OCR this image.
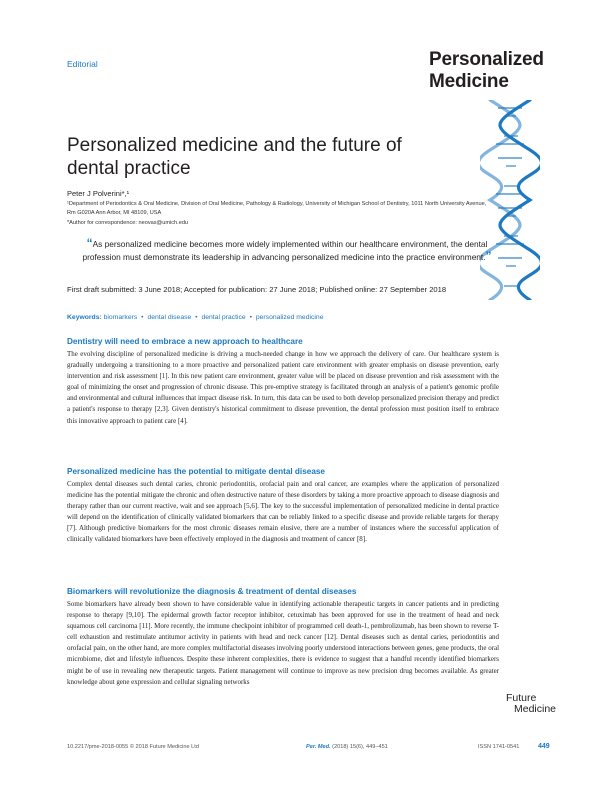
Editorial	Personalized
Medicine
Personalized medicine and the future of dental practice
Peter J Polverini*,¹
¹Department of Periodontics & Oral Medicine, Division of Oral Medicine, Pathology & Radiology, University of Michigan School of Dentistry, 1011 North University Avenue, Rm G020A Ann Arbor, MI 48109, USA
*Author for correspondence: neovas@umich.edu
“As personalized medicine becomes more widely implemented within our healthcare environment, the dental profession must demonstrate its leadership in advancing personalized medicine into the practice environment.”
First draft submitted: 3 June 2018; Accepted for publication: 27 June 2018; Published online: 27 September 2018
Keywords: biomarkers • dental disease • dental practice • personalized medicine
Dentistry will need to embrace a new approach to healthcare

The evolving discipline of personalized medicine is driving a much-needed change in how we approach the delivery of care. Our healthcare system is gradually undergoing a transitioning to a more proactive and personalized patient care environment with greater emphasis on disease prevention, early intervention and risk assessment [1]. In this new patient care environment, greater value will be placed on disease prevention and risk assessment with the goal of minimizing the onset and progression of chronic disease. This pre-emptive strategy is facilitated through an analysis of a patient's genomic profile and environmental and cultural influences that impact disease risk. In turn, this data can be used to both develop personalized precision therapy and predict a patient's response to therapy [2,3]. Given dentistry's historical commitment to disease prevention, the dental profession must position itself to embrace this innovative approach to patient care [4].

Personalized medicine has the potential to mitigate dental disease

Complex dental diseases such dental caries, chronic periodontitis, orofacial pain and oral cancer, are examples where the application of personalized medicine has the potential mitigate the chronic and often destructive nature of these disorders by taking a more proactive approach to disease diagnosis and therapy rather than our current reactive, wait and see approach [5,6]. The key to the successful implementation of personalized medicine in dental practice will depend on the identification of clinically validated biomarkers that can be reliably linked to a specific disease and provide reliable targets for therapy [7]. Although predictive biomarkers for the most chronic diseases remain elusive, there are a number of instances where the successful application of clinically validated biomarkers have been effectively employed in the diagnosis and treatment of cancer [8].

Biomarkers will revolutionize the diagnosis & treatment of dental diseases

Some biomarkers have already been shown to have considerable value in identifying actionable therapeutic targets in cancer patients and in predicting response to therapy [9,10]. The epidermal growth factor receptor inhibitor, cetuximab has been approved for use in the treatment of head and neck squamous cell carcinoma [11]. More recently, the immune checkpoint inhibitor of programmed cell death-1, pembrolizumab, has been shown to reverse T-cell exhaustion and restimulate antitumor activity in patients with head and neck cancer [12]. Dental diseases such as dental caries, periodontitis and orofacial pain, on the other hand, are more complex multifactorial diseases involving poorly understood interactions between genes, gene products, the oral microbiome, diet and lifestyle influences. Despite these inherent complexities, there is evidence to suggest that a handful recently identified biomarkers might be of use in revealing new therapeutic targets. Patient management will continue to improve as new precision drug becomes available. As greater knowledge about gene expression and cellular signaling networks

Future
Medicine
10.2217/pme-2018-0055 © 2018 Future Medicine Ltd	Per. Med. (2018) 15(6), 449–451	ISSN 1741-0541	449
